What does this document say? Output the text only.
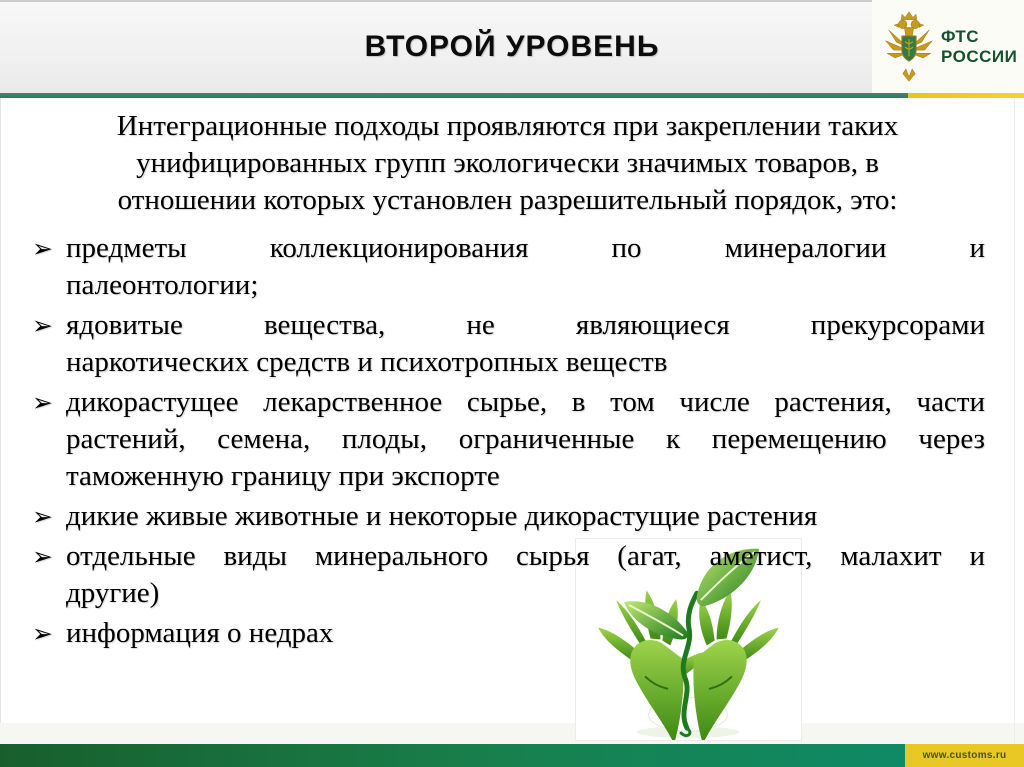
ВТОРОЙ УРОВЕНЬ	ФТС
РОССИИ
Интеграционные подходы проявляются при закреплении таких
унифицированных групп экологически значимых товаров, в
отношении которых установлен разрешительный порядок, это:
➢ предметы коллекционирования по минералогии и
палеонтологии;
➢ ядовитые вещества, не являющиеся прекурсорами
наркотических средств и психотропных веществ
➢ дикорастущее лекарственное сырье, в том числе растения, части
растений, семена, плоды, ограниченные к перемещению через
таможенную границу при экспорте
➢ дикие живые животные и некоторые дикорастущие растения
➢ отдельные виды минерального сырья (агат, аметист, малахит и
другие)
➢ информация о недрах
www.customs.ru
